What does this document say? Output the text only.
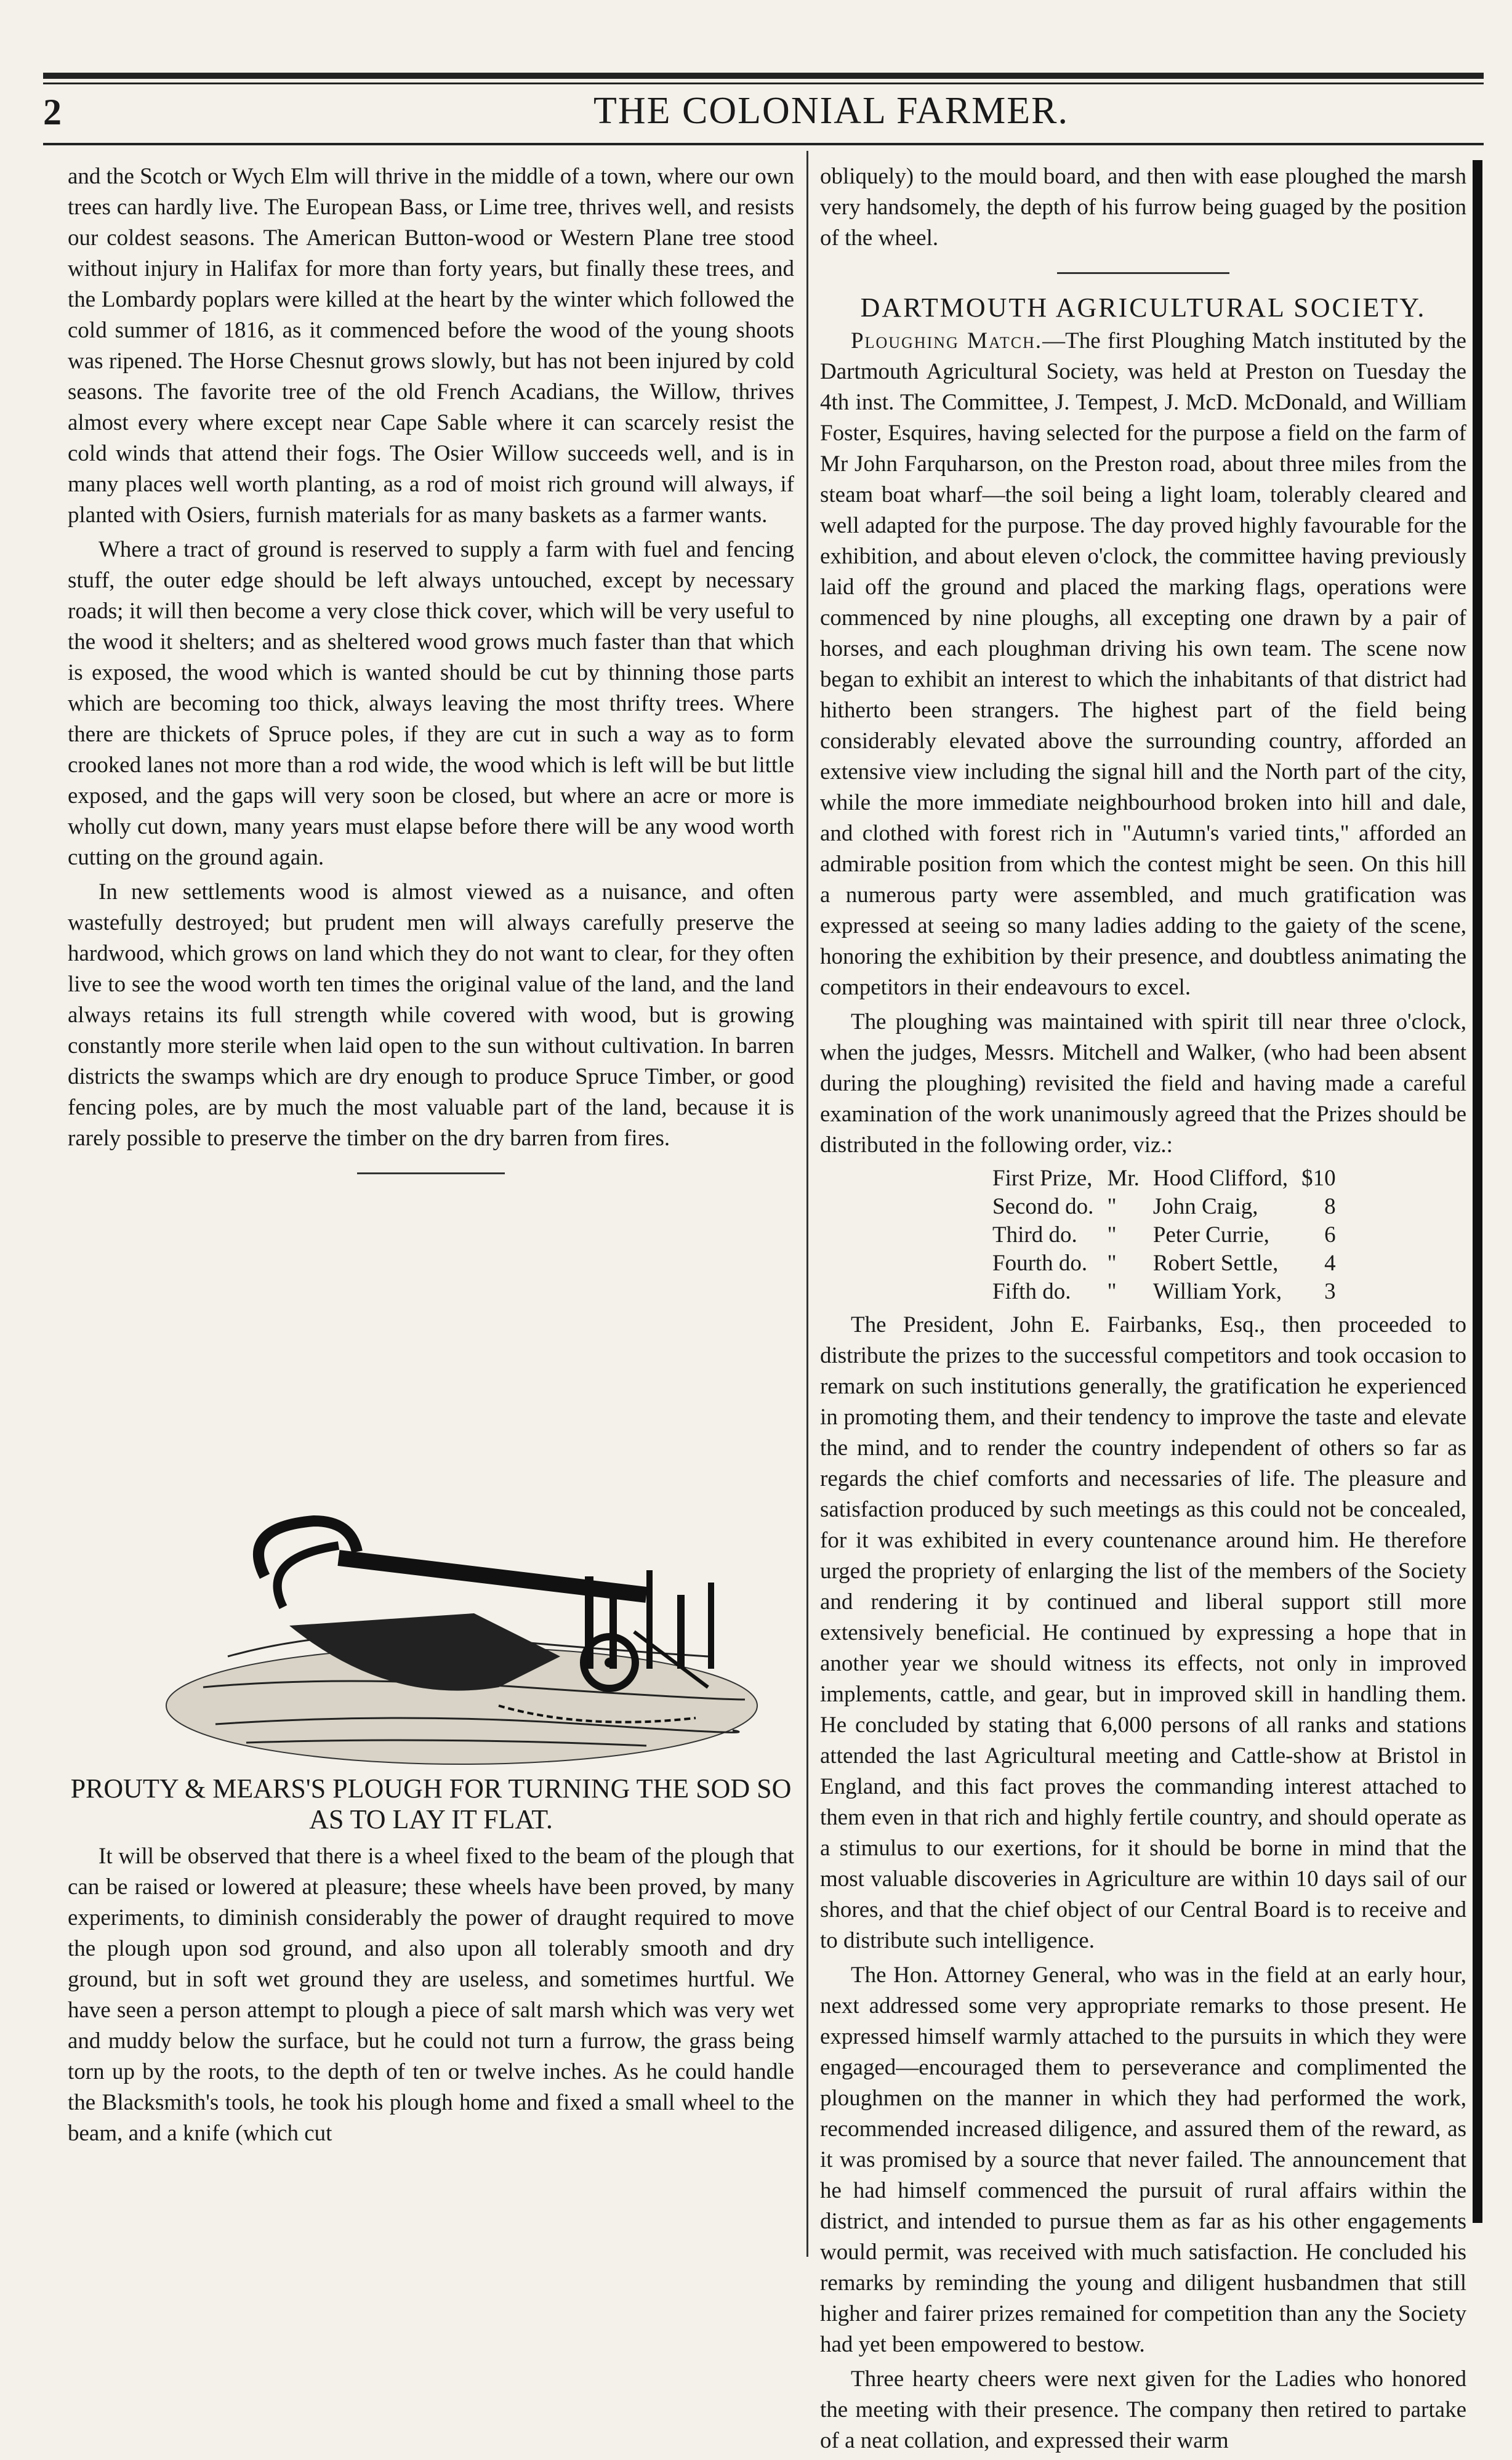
2	THE COLONIAL FARMER.

and the Scotch or Wych Elm will thrive in the middle of a town, where our own trees can hardly live. The European Bass, or Lime tree, thrives well, and resists our coldest seasons. The American Button-wood or Western Plane tree stood without injury in Halifax for more than forty years, but finally these trees, and the Lombardy poplars were killed at the heart by the winter which followed the cold summer of 1816, as it commenced before the wood of the young shoots was ripened. The Horse Chesnut grows slowly, but has not been injured by cold seasons. The favorite tree of the old French Acadians, the Willow, thrives almost every where except near Cape Sable where it can scarcely resist the cold winds that attend their fogs. The Osier Willow succeeds well, and is in many places well worth planting, as a rod of moist rich ground will always, if planted with Osiers, furnish materials for as many baskets as a farmer wants.

Where a tract of ground is reserved to supply a farm with fuel and fencing stuff, the outer edge should be left always untouched, except by necessary roads; it will then become a very close thick cover, which will be very useful to the wood it shelters; and as sheltered wood grows much faster than that which is exposed, the wood which is wanted should be cut by thinning those parts which are becoming too thick, always leaving the most thrifty trees. Where there are thickets of Spruce poles, if they are cut in such a way as to form crooked lanes not more than a rod wide, the wood which is left will be but little exposed, and the gaps will very soon be closed, but where an acre or more is wholly cut down, many years must elapse before there will be any wood worth cutting on the ground again.

In new settlements wood is almost viewed as a nuisance, and often wastefully destroyed; but prudent men will always carefully preserve the hardwood, which grows on land which they do not want to clear, for they often live to see the wood worth ten times the original value of the land, and the land always retains its full strength while covered with wood, but is growing constantly more sterile when laid open to the sun without cultivation. In barren districts the swamps which are dry enough to produce Spruce Timber, or good fencing poles, are by much the most valuable part of the land, because it is rarely possible to preserve the timber on the dry barren from fires.

ENTIRE DRAUGHT
PROUTY & MEARS'S PLOUGH FOR TURNING THE SOD SO AS TO LAY IT FLAT.

It will be observed that there is a wheel fixed to the beam of the plough that can be raised or lowered at pleasure; these wheels have been proved, by many experiments, to diminish considerably the power of draught required to move the plough upon sod ground, and also upon all tolerably smooth and dry ground, but in soft wet ground they are useless, and sometimes hurtful. We have seen a person attempt to plough a piece of salt marsh which was very wet and muddy below the surface, but he could not turn a furrow, the grass being torn up by the roots, to the depth of ten or twelve inches. As he could handle the Blacksmith's tools, he took his plough home and fixed a small wheel to the beam, and a knife (which cut

obliquely) to the mould board, and then with ease ploughed the marsh very handsomely, the depth of his furrow being guaged by the position of the wheel.

DARTMOUTH AGRICULTURAL SOCIETY.

Ploughing Match.—The first Ploughing Match instituted by the Dartmouth Agricultural Society, was held at Preston on Tuesday the 4th inst. The Committee, J. Tempest, J. McD. McDonald, and William Foster, Esquires, having selected for the purpose a field on the farm of Mr John Farquharson, on the Preston road, about three miles from the steam boat wharf—the soil being a light loam, tolerably cleared and well adapted for the purpose. The day proved highly favourable for the exhibition, and about eleven o'clock, the committee having previously laid off the ground and placed the marking flags, operations were commenced by nine ploughs, all excepting one drawn by a pair of horses, and each ploughman driving his own team. The scene now began to exhibit an interest to which the inhabitants of that district had hitherto been strangers. The highest part of the field being considerably elevated above the surrounding country, afforded an extensive view including the signal hill and the North part of the city, while the more immediate neighbourhood broken into hill and dale, and clothed with forest rich in "Autumn's varied tints," afforded an admirable position from which the contest might be seen. On this hill a numerous party were assembled, and much gratification was expressed at seeing so many ladies adding to the gaiety of the scene, honoring the exhibition by their presence, and doubtless animating the competitors in their endeavours to excel.

The ploughing was maintained with spirit till near three o'clock, when the judges, Messrs. Mitchell and Walker, (who had been absent during the ploughing) revisited the field and having made a careful examination of the work unanimously agreed that the Prizes should be distributed in the following order, viz.:

First Prize,	Mr.	Hood Clifford,	$10
Second do.	"	John Craig,	8
Third do.	"	Peter Currie,	6
Fourth do.	"	Robert Settle,	4
Fifth do.	"	William York,	3

The President, John E. Fairbanks, Esq., then proceeded to distribute the prizes to the successful competitors and took occasion to remark on such institutions generally, the gratification he experienced in promoting them, and their tendency to improve the taste and elevate the mind, and to render the country independent of others so far as regards the chief comforts and necessaries of life. The pleasure and satisfaction produced by such meetings as this could not be concealed, for it was exhibited in every countenance around him. He therefore urged the propriety of enlarging the list of the members of the Society and rendering it by continued and liberal support still more extensively beneficial. He continued by expressing a hope that in another year we should witness its effects, not only in improved implements, cattle, and gear, but in improved skill in handling them. He concluded by stating that 6,000 persons of all ranks and stations attended the last Agricultural meeting and Cattle-show at Bristol in England, and this fact proves the commanding interest attached to them even in that rich and highly fertile country, and should operate as a stimulus to our exertions, for it should be borne in mind that the most valuable discoveries in Agriculture are within 10 days sail of our shores, and that the chief object of our Central Board is to receive and to distribute such intelligence.

The Hon. Attorney General, who was in the field at an early hour, next addressed some very appropriate remarks to those present. He expressed himself warmly attached to the pursuits in which they were engaged—encouraged them to perseverance and complimented the ploughmen on the manner in which they had performed the work, recommended increased diligence, and assured them of the reward, as it was promised by a source that never failed. The announcement that he had himself commenced the pursuit of rural affairs within the district, and intended to pursue them as far as his other engagements would permit, was received with much satisfaction. He concluded his remarks by reminding the young and diligent husbandmen that still higher and fairer prizes remained for competition than any the Society had yet been empowered to bestow.

Three hearty cheers were next given for the Ladies who honored the meeting with their presence. The company then retired to partake of a neat collation, and expressed their warm
